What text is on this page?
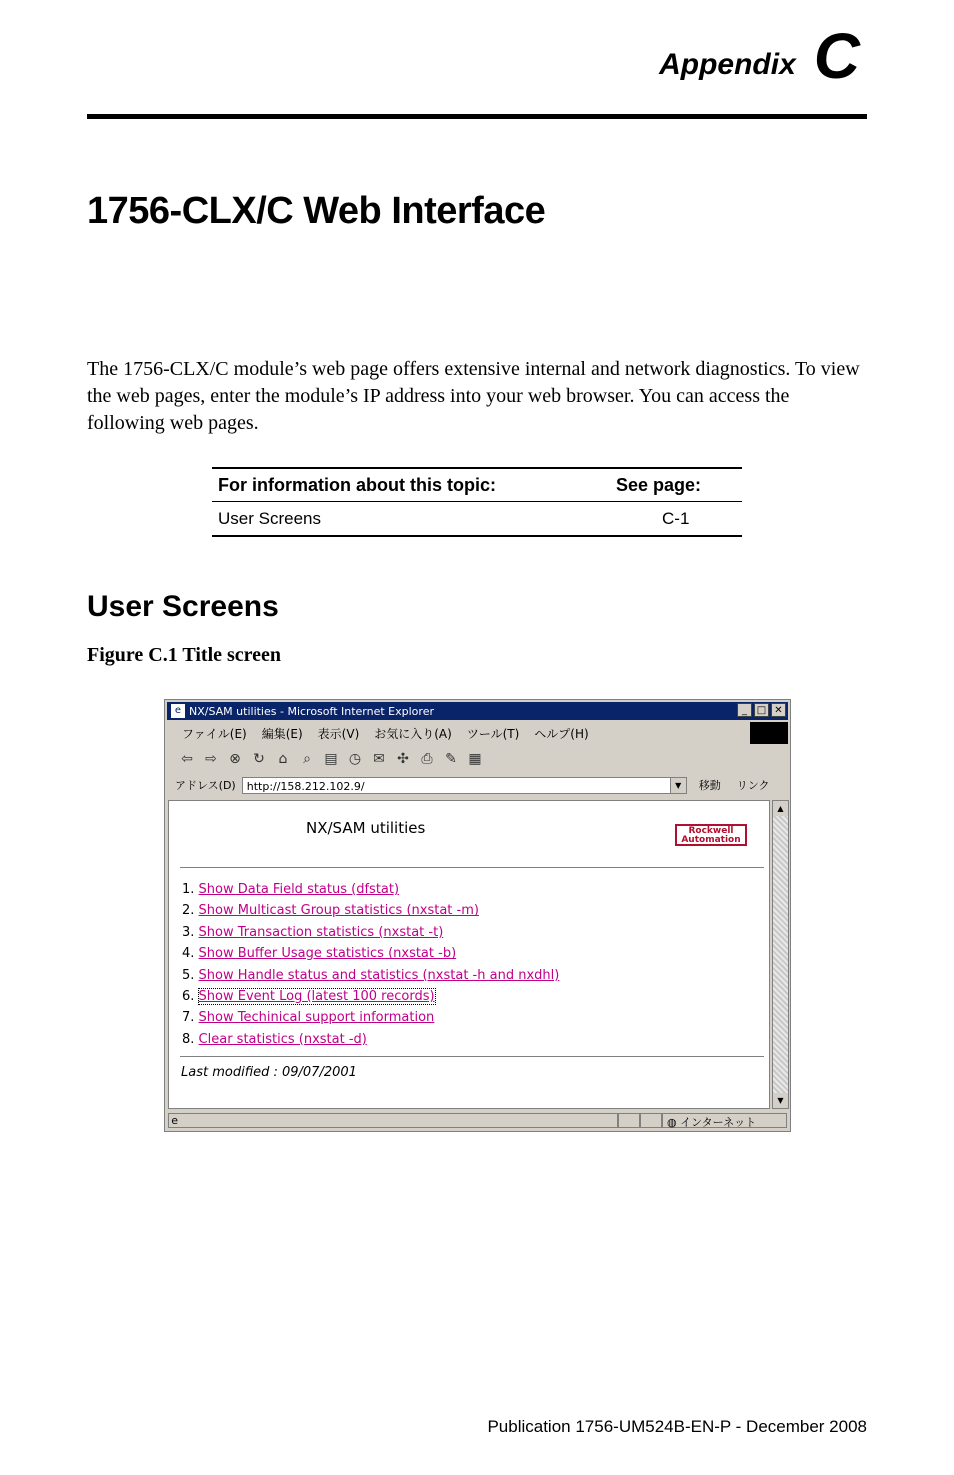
Appendix C
1756-CLX/C Web Interface
The 1756-CLX/C module’s web page offers extensive internal and network diagnostics. To view the web pages, enter the module’s IP address into your web browser. You can access the following web pages.
For information about this topic:	See page:
User Screens	C-1
User Screens
Figure C.1 Title screen
e NX/SAM utilities - Microsoft Internet Explorer	_ □ ✕
ファイル(E) 編集(E) 表示(V) お気に入り(A) ツール(T) ヘルプ(H)
⇦ ⇨ ⊗ ↻ ⌂	⌕ ▤ ◷ ✉ ✣ ⎙ ✎ ▦
アドレス(D)	http://158.212.102.9/	▼	移動 リンク
NX/SAM utilities	Rockwell
Automation
1. Show Data Field status (dfstat)
2. Show Multicast Group statistics (nxstat -m)
3. Show Transaction statistics (nxstat -t)
4. Show Buffer Usage statistics (nxstat -b)
5. Show Handle status and statistics (nxstat -h and nxdhl)
6. Show Event Log (latest 100 records)
7. Show Techinical support information
8. Clear statistics (nxstat -d)
Last modified : 09/07/2001
▲
▼
 e	◍ インターネット
Publication 1756-UM524B-EN-P - December 2008
